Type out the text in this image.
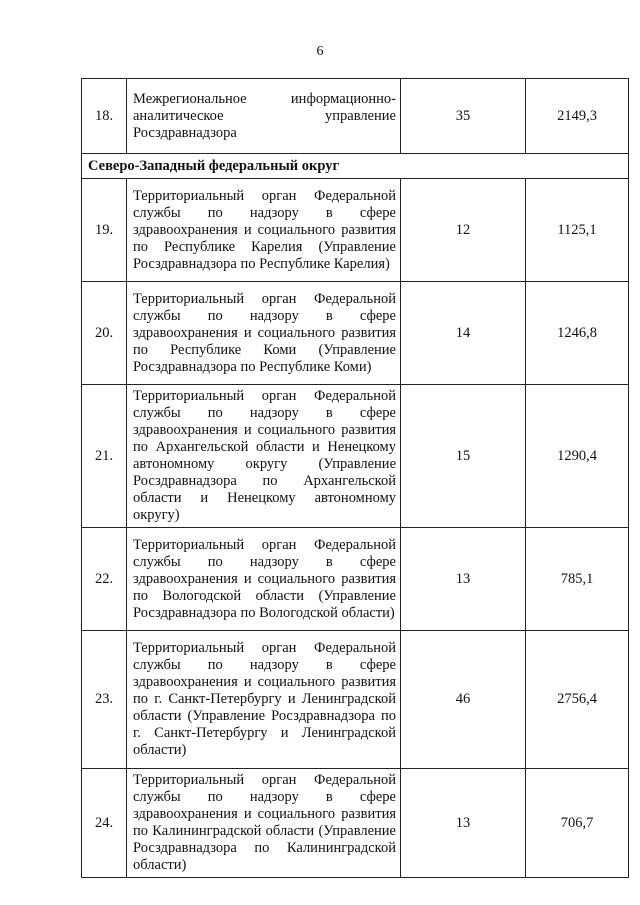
6
18.	Межрегиональное информационно-аналитическое управление Росздравнадзора	35	2149,3
Северо-Западный федеральный округ			
19.	Территориальный орган Федеральной службы по надзору в сфере здравоохранения и социального развития по Республике Карелия (Управление Росздравнадзора по Республике Карелия)	12	1125,1
20.	Территориальный орган Федеральной службы по надзору в сфере здравоохранения и социального развития по Республике Коми (Управление Росздравнадзора по Республике Коми)	14	1246,8
21.	Территориальный орган Федеральной службы по надзору в сфере здравоохранения и социального развития по Архангельской области и Ненецкому автономному округу (Управление Росздравнадзора по Архангельской области и Ненецкому автономному округу)	15	1290,4
22.	Территориальный орган Федеральной службы по надзору в сфере здравоохранения и социального развития по Вологодской области (Управление Росздравнадзора по Вологодской области)	13	785,1
23.	Территориальный орган Федеральной службы по надзору в сфере здравоохранения и социального развития по г. Санкт-Петербургу и Ленинградской области (Управление Росздравнадзора по г. Санкт-Петербургу и Ленинградской области)	46	2756,4
24.	Территориальный орган Федеральной службы по надзору в сфере здравоохранения и социального развития по Калининградской области (Управление Росздравнадзора по Калининградской области)	13	706,7
